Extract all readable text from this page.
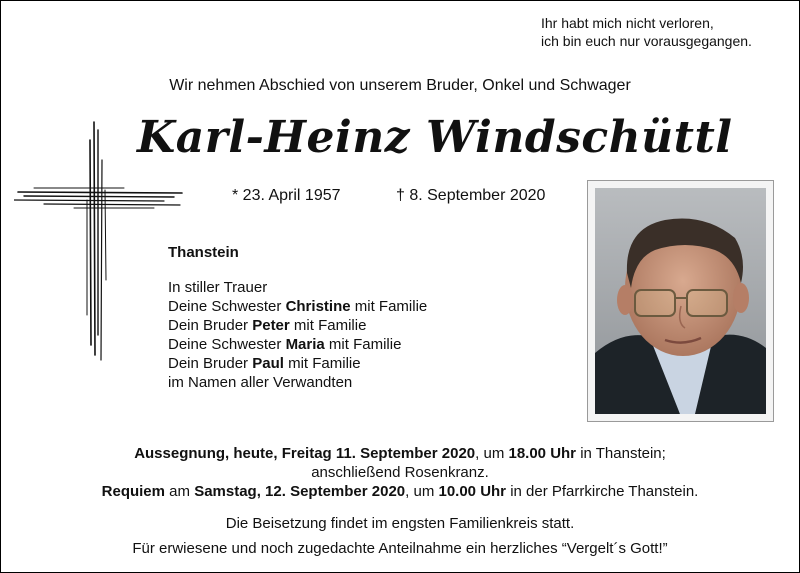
Ihr habt mich nicht verloren,
ich bin euch nur vorausgegangen.
Wir nehmen Abschied von unserem Bruder, Onkel und Schwager
Karl-Heinz Windschüttl
* 23. April 1957	† 8. September 2020
Thanstein
In stiller Trauer
Deine Schwester Christine mit Familie
Dein Bruder Peter mit Familie
Deine Schwester Maria mit Familie
Dein Bruder Paul mit Familie
im Namen aller Verwandten
Aussegnung, heute, Freitag 11. September 2020, um 18.00 Uhr in Thanstein;
anschließend Rosenkranz.
Requiem am Samstag, 12. September 2020, um 10.00 Uhr in der Pfarrkirche Thanstein.
Die Beisetzung findet im engsten Familienkreis statt.
Für erwiesene und noch zugedachte Anteilnahme ein herzliches “Vergelt´s Gott!”
